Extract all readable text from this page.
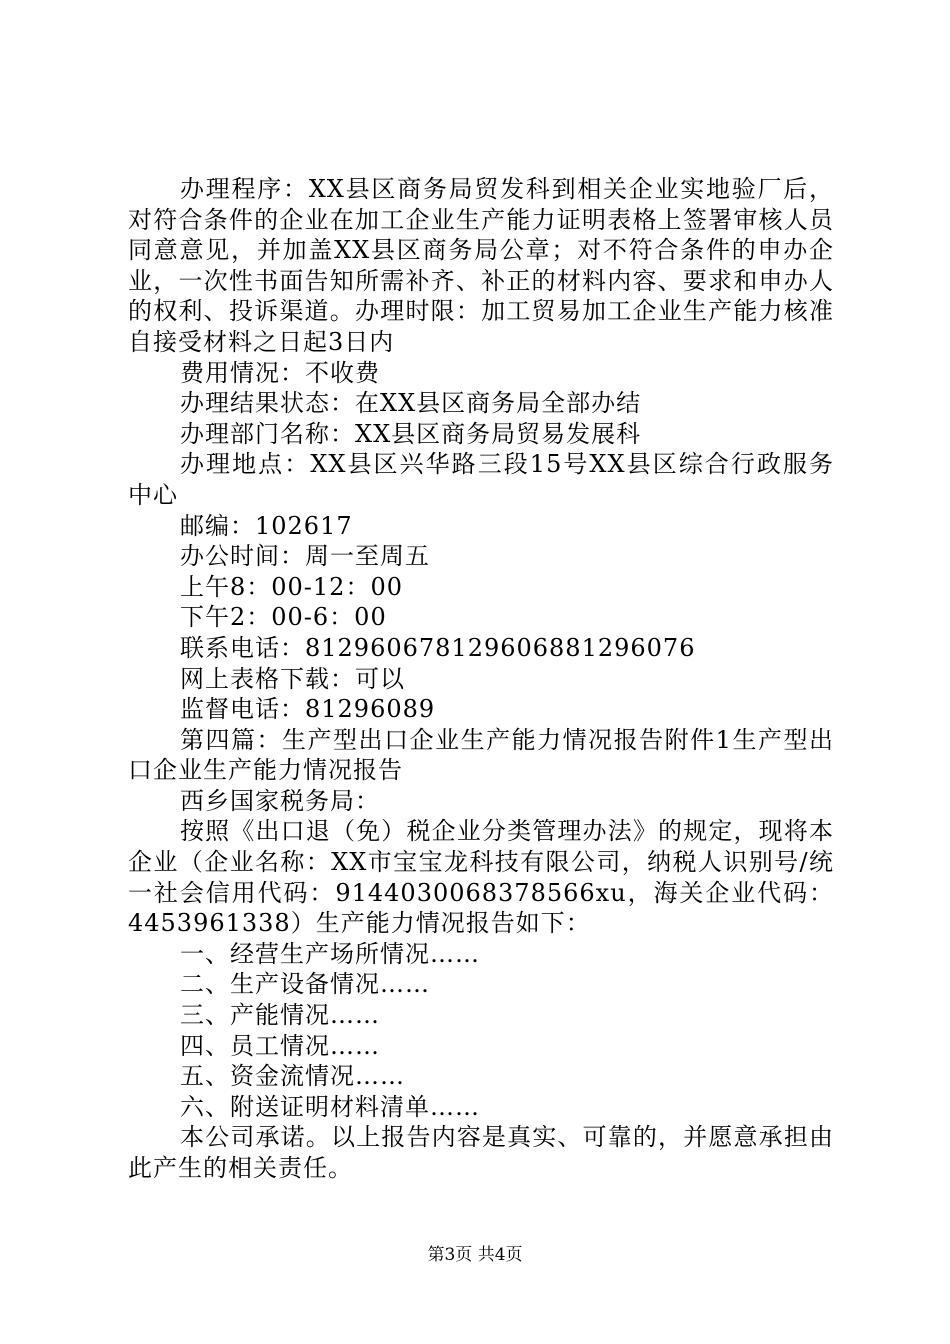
办理程序：XX县区商务局贸发科到相关企业实地验厂后，对符合条件的企业在加工企业生产能力证明表格上签署审核人员同意意见，并加盖XX县区商务局公章；对不符合条件的申办企业，一次性书面告知所需补齐、补正的材料内容、要求和申办人的权利、投诉渠道。办理时限：加工贸易加工企业生产能力核准自接受材料之日起3日内

费用情况：不收费

办理结果状态：在XX县区商务局全部办结

办理部门名称：XX县区商务局贸易发展科

办理地点：XX县区兴华路三段15号XX县区综合行政服务中心

邮编：102617

办公时间：周一至周五

上午8：00-12：00

下午2：00-6：00

联系电话：812960678129606881296076

网上表格下载：可以

监督电话：81296089

第四篇：生产型出口企业生产能力情况报告附件1生产型出口企业生产能力情况报告

西乡国家税务局：

按照《出口退（免）税企业分类管理办法》的规定，现将本企业（企业名称：XX市宝宝龙科技有限公司，纳税人识别号/统一社会信用代码：9144030068378566xu，海关企业代码：4453961338）生产能力情况报告如下：

一、经营生产场所情况……

二、生产设备情况……

三、产能情况……

四、员工情况……

五、资金流情况……

六、附送证明材料清单……

本公司承诺。以上报告内容是真实、可靠的，并愿意承担由此产生的相关责任。

第3页 共4页
